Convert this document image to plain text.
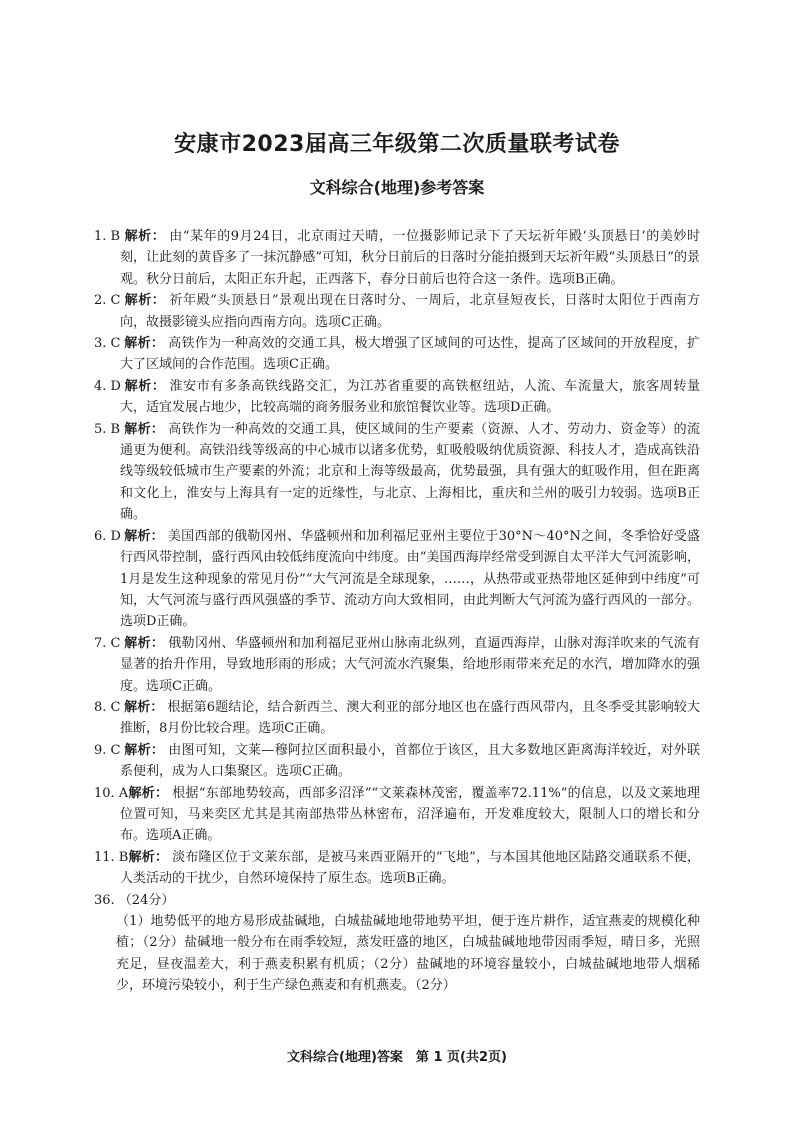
安康市2023届高三年级第二次质量联考试卷
文科综合(地理)参考答案

1. B 解析： 由“某年的9月24日，北京雨过天晴，一位摄影师记录下了天坛祈年殿‘头顶悬日’的美妙时刻，让此刻的黄昏多了一抹沉静感”可知，秋分日前后的日落时分能拍摄到天坛祈年殿“头顶悬日”的景观。秋分日前后，太阳正东升起，正西落下，春分日前后也符合这一条件。选项B正确。

2. C 解析： 祈年殿“头顶悬日”景观出现在日落时分、一周后，北京昼短夜长，日落时太阳位于西南方向，故摄影镜头应指向西南方向。选项C正确。

3. C 解析： 高铁作为一种高效的交通工具，极大增强了区域间的可达性，提高了区域间的开放程度，扩大了区域间的合作范围。选项C正确。

4. D 解析： 淮安市有多条高铁线路交汇，为江苏省重要的高铁枢纽站，人流、车流量大，旅客周转量大，适宜发展占地少，比较高端的商务服务业和旅馆餐饮业等。选项D正确。

5. B 解析： 高铁作为一种高效的交通工具，使区域间的生产要素（资源、人才、劳动力、资金等）的流通更为便利。高铁沿线等级高的中心城市以诸多优势，虹吸般吸纳优质资源、科技人才，造成高铁沿线等级较低城市生产要素的外流；北京和上海等级最高，优势最强，具有强大的虹吸作用，但在距离和文化上，淮安与上海具有一定的近缘性，与北京、上海相比，重庆和兰州的吸引力较弱。选项B正确。

6. D 解析： 美国西部的俄勒冈州、华盛顿州和加利福尼亚州主要位于30°N～40°N之间，冬季恰好受盛行西风带控制，盛行西风由较低纬度流向中纬度。由“美国西海岸经常受到源自太平洋大气河流影响，1月是发生这种现象的常见月份”“大气河流是全球现象，……，从热带或亚热带地区延伸到中纬度”可知，大气河流与盛行西风强盛的季节、流动方向大致相同，由此判断大气河流为盛行西风的一部分。选项D正确。

7. C 解析： 俄勒冈州、华盛顿州和加利福尼亚州山脉南北纵列，直逼西海岸，山脉对海洋吹来的气流有显著的抬升作用，导致地形雨的形成；大气河流水汽聚集，给地形雨带来充足的水汽，增加降水的强度。选项C正确。

8. C 解析： 根据第6题结论，结合新西兰、澳大利亚的部分地区也在盛行西风带内，且冬季受其影响较大推断，8月份比较合理。选项C正确。

9. C 解析： 由图可知，文莱—穆阿拉区面积最小，首都位于该区，且大多数地区距离海洋较近，对外联系便利，成为人口集聚区。选项C正确。

10. A解析： 根据“东部地势较高，西部多沼泽”“文莱森林茂密，覆盖率72.11%”的信息，以及文莱地理位置可知，马来奕区尤其是其南部热带丛林密布，沼泽遍布，开发难度较大，限制人口的增长和分布。选项A正确。

11. B解析： 淡布隆区位于文莱东部，是被马来西亚隔开的“飞地”，与本国其他地区陆路交通联系不便，人类活动的干扰少，自然环境保持了原生态。选项B正确。

36. （24分）

（1）地势低平的地方易形成盐碱地，白城盐碱地地带地势平坦，便于连片耕作，适宜燕麦的规模化种植；（2分）盐碱地一般分布在雨季较短，蒸发旺盛的地区，白城盐碱地地带因雨季短，晴日多，光照充足，昼夜温差大，利于燕麦积累有机质；（2分）盐碱地的环境容量较小，白城盐碱地地带人烟稀少，环境污染较小，利于生产绿色燕麦和有机燕麦。（2分）

文科综合(地理)答案　第 1 页(共2页)
